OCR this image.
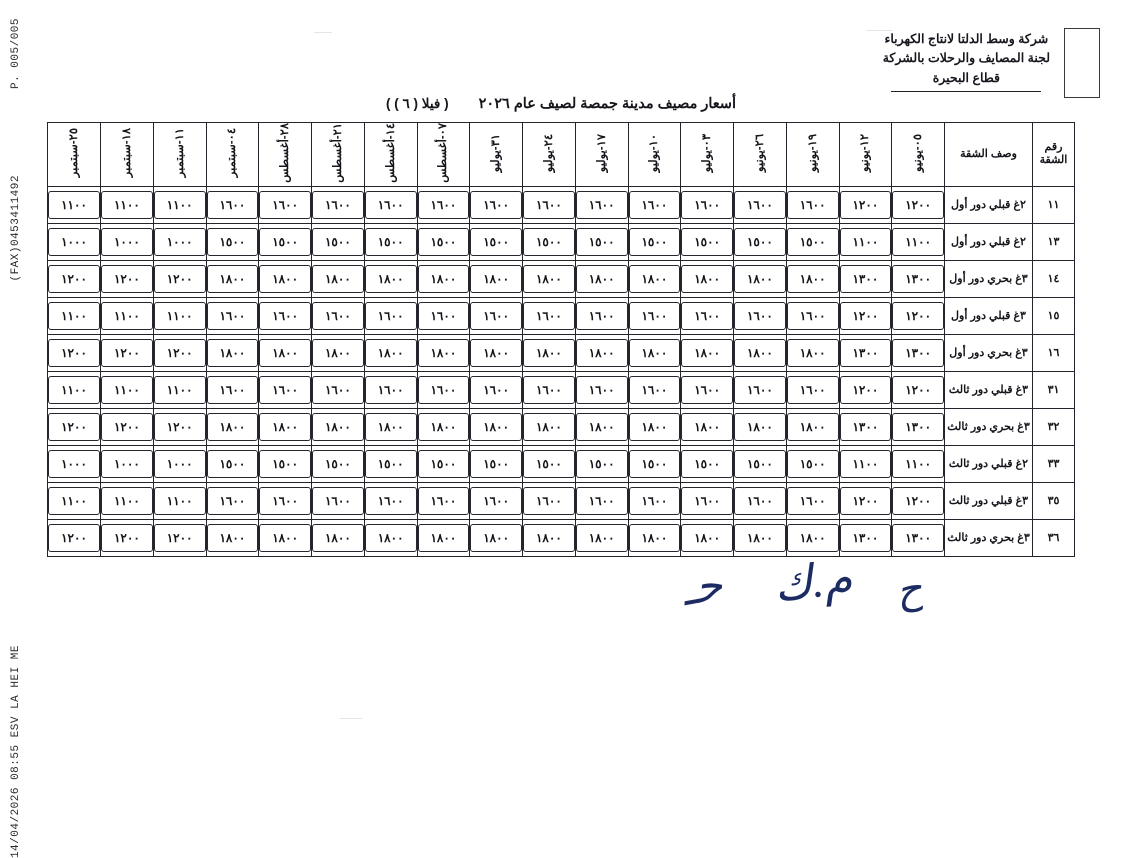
P. 005/005
(FAX)0453411492
14/04/2026 08:55 ESV LA HEI ME
شركة وسط الدلتا لانتاج الكهرباء
لجنة المصايف والرحلات بالشركة
قطاع البحيرة
أسعار مصيف مدينة جمصة لصيف عام ٢٠٢٦ ( فيلا ( ٦ ) )
رقم الشقة	وصف الشقة	٠٥-يونيو	١٢-يونيو	١٩-يونيو	٢٦-يونيو	٠٣-يوليو	١٠-يوليو	١٧-يوليو	٢٤-يوليو	٣١-يوليو	٠٧-أغسطس	١٤-أغسطس	٢١-أغسطس	٢٨-أغسطس	٠٤-سبتمبر	١١-سبتمبر	١٨-سبتمبر	٢٥-سبتمبر
١١	٢غ قبلي دور أول	١٢٠٠	١٢٠٠	١٦٠٠	١٦٠٠	١٦٠٠	١٦٠٠	١٦٠٠	١٦٠٠	١٦٠٠	١٦٠٠	١٦٠٠	١٦٠٠	١٦٠٠	١٦٠٠	١١٠٠	١١٠٠	١١٠٠

١٣	٢غ قبلي دور أول	١١٠٠	١١٠٠	١٥٠٠	١٥٠٠	١٥٠٠	١٥٠٠	١٥٠٠	١٥٠٠	١٥٠٠	١٥٠٠	١٥٠٠	١٥٠٠	١٥٠٠	١٥٠٠	١٠٠٠	١٠٠٠	١٠٠٠

١٤	٣غ بحري دور أول	١٣٠٠	١٣٠٠	١٨٠٠	١٨٠٠	١٨٠٠	١٨٠٠	١٨٠٠	١٨٠٠	١٨٠٠	١٨٠٠	١٨٠٠	١٨٠٠	١٨٠٠	١٨٠٠	١٢٠٠	١٢٠٠	١٢٠٠

١٥	٣غ قبلي دور أول	١٢٠٠	١٢٠٠	١٦٠٠	١٦٠٠	١٦٠٠	١٦٠٠	١٦٠٠	١٦٠٠	١٦٠٠	١٦٠٠	١٦٠٠	١٦٠٠	١٦٠٠	١٦٠٠	١١٠٠	١١٠٠	١١٠٠

١٦	٣غ بحري دور أول	١٣٠٠	١٣٠٠	١٨٠٠	١٨٠٠	١٨٠٠	١٨٠٠	١٨٠٠	١٨٠٠	١٨٠٠	١٨٠٠	١٨٠٠	١٨٠٠	١٨٠٠	١٨٠٠	١٢٠٠	١٢٠٠	١٢٠٠

٣١	٣غ قبلي دور ثالث	١٢٠٠	١٢٠٠	١٦٠٠	١٦٠٠	١٦٠٠	١٦٠٠	١٦٠٠	١٦٠٠	١٦٠٠	١٦٠٠	١٦٠٠	١٦٠٠	١٦٠٠	١٦٠٠	١١٠٠	١١٠٠	١١٠٠

٣٢	٣غ بحري دور ثالث	١٣٠٠	١٣٠٠	١٨٠٠	١٨٠٠	١٨٠٠	١٨٠٠	١٨٠٠	١٨٠٠	١٨٠٠	١٨٠٠	١٨٠٠	١٨٠٠	١٨٠٠	١٨٠٠	١٢٠٠	١٢٠٠	١٢٠٠

٣٣	٢غ قبلي دور ثالث	١١٠٠	١١٠٠	١٥٠٠	١٥٠٠	١٥٠٠	١٥٠٠	١٥٠٠	١٥٠٠	١٥٠٠	١٥٠٠	١٥٠٠	١٥٠٠	١٥٠٠	١٥٠٠	١٠٠٠	١٠٠٠	١٠٠٠

٣٥	٣غ قبلي دور ثالث	١٢٠٠	١٢٠٠	١٦٠٠	١٦٠٠	١٦٠٠	١٦٠٠	١٦٠٠	١٦٠٠	١٦٠٠	١٦٠٠	١٦٠٠	١٦٠٠	١٦٠٠	١٦٠٠	١١٠٠	١١٠٠	١١٠٠

٣٦	٣غ بحري دور ثالث	١٣٠٠	١٣٠٠	١٨٠٠	١٨٠٠	١٨٠٠	١٨٠٠	١٨٠٠	١٨٠٠	١٨٠٠	١٨٠٠	١٨٠٠	١٨٠٠	١٨٠٠	١٨٠٠	١٢٠٠	١٢٠٠	١٢٠٠
ح
م.ك
حـ
